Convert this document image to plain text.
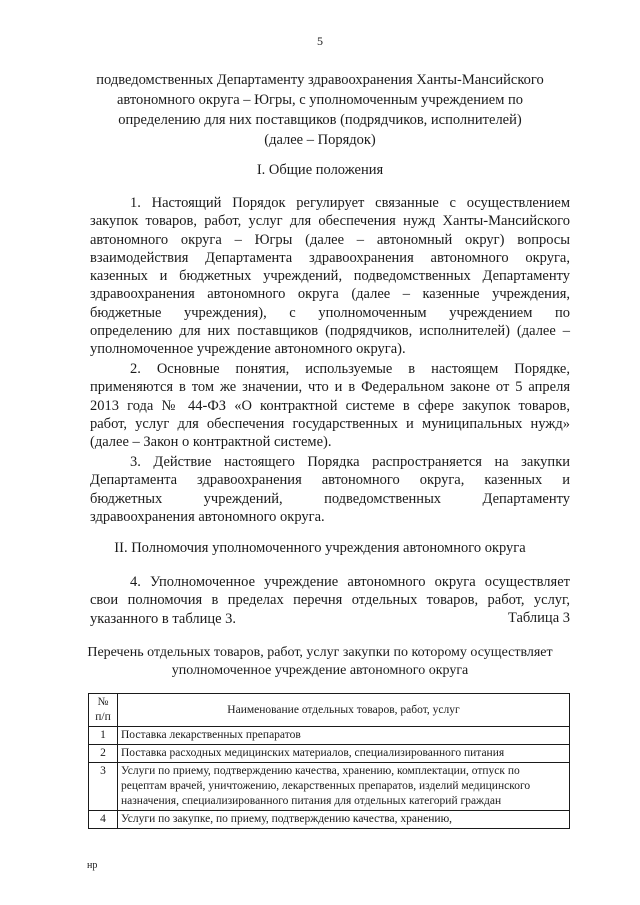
5
подведомственных Департаменту здравоохранения Ханты-Мансийского
автономного округа – Югры, с уполномоченным учреждением по
определению для них поставщиков (подрядчиков, исполнителей)
(далее – Порядок)
I. Общие положения
1. Настоящий Порядок регулирует связанные с осуществлением
закупок товаров, работ, услуг для обеспечения нужд Ханты-Мансийского
автономного округа – Югры (далее – автономный округ) вопросы
взаимодействия Департамента здравоохранения автономного округа,
казенных и бюджетных учреждений, подведомственных Департаменту
здравоохранения автономного округа (далее – казенные учреждения,
бюджетные учреждения), с уполномоченным учреждением по
определению для них поставщиков (подрядчиков, исполнителей) (далее –
уполномоченное учреждение автономного округа).
2. Основные понятия, используемые в настоящем Порядке,
применяются в том же значении, что и в Федеральном законе от 5 апреля
2013 года № 44-ФЗ «О контрактной системе в сфере закупок товаров,
работ, услуг для обеспечения государственных и муниципальных нужд»
(далее – Закон о контрактной системе).
3. Действие настоящего Порядка распространяется на закупки
Департамента здравоохранения автономного округа, казенных и
бюджетных учреждений, подведомственных Департаменту
здравоохранения автономного округа.
II. Полномочия уполномоченного учреждения автономного округа
4. Уполномоченное учреждение автономного округа осуществляет
свои полномочия в пределах перечня отдельных товаров, работ, услуг,
указанного в таблице 3.	Таблица 3
Перечень отдельных товаров, работ, услуг закупки по которому осуществляет
уполномоченное учреждение автономного округа
№ п/п	Наименование отдельных товаров, работ, услуг
1	Поставка лекарственных препаратов
2	Поставка расходных медицинских материалов, специализированного питания
3	Услуги по приему, подтверждению качества, хранению, комплектации, отпуск по рецептам врачей, уничтожению, лекарственных препаратов, изделий медицинского назначения, специализированного питания для отдельных категорий граждан
4	Услуги по закупке, по приему, подтверждению качества, хранению,
нр
